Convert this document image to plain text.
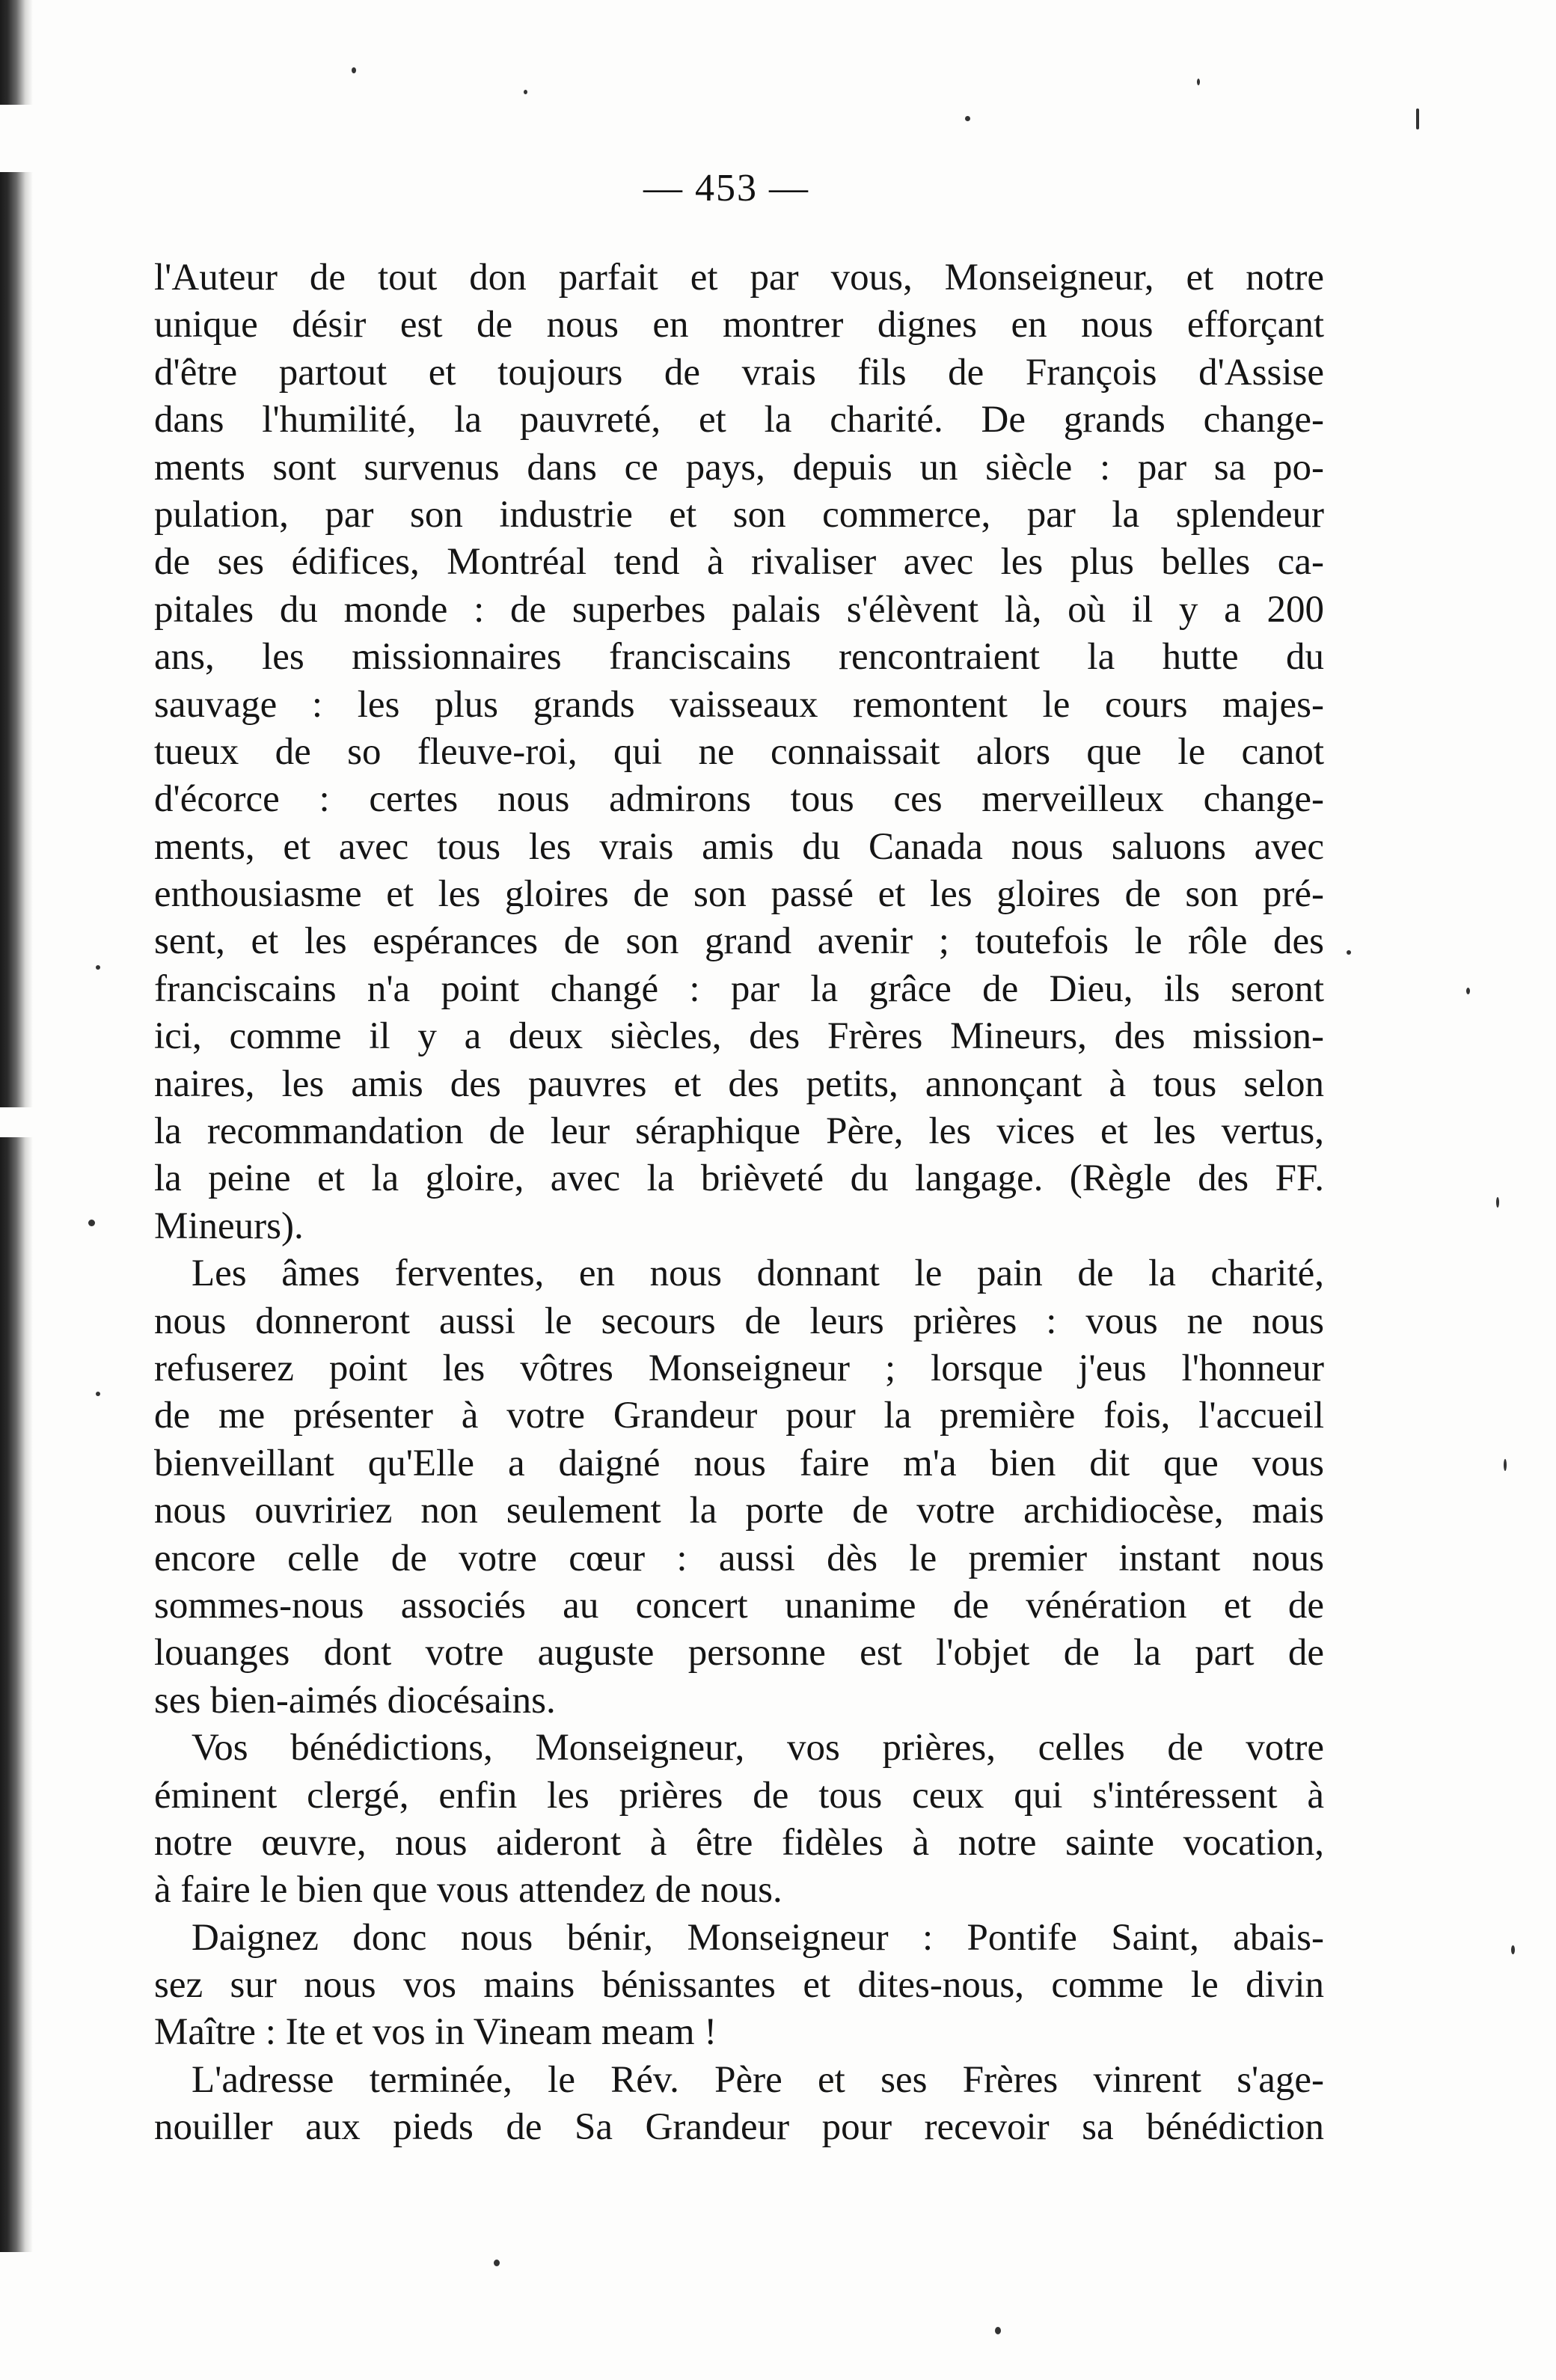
— 453 —
l'Auteur de tout don parfait et par vous, Monseigneur, et notre
unique désir est de nous en montrer dignes en nous efforçant
d'être partout et toujours de vrais fils de François d'Assise
dans l'humilité, la pauvreté, et la charité. De grands change-
ments sont survenus dans ce pays, depuis un siècle : par sa po-
pulation, par son industrie et son commerce, par la splendeur
de ses édifices, Montréal tend à rivaliser avec les plus belles ca-
pitales du monde : de superbes palais s'élèvent là, où il y a 200
ans, les missionnaires franciscains rencontraient la hutte du
sauvage : les plus grands vaisseaux remontent le cours majes-
tueux de so fleuve-roi, qui ne connaissait alors que le canot
d'écorce : certes nous admirons tous ces merveilleux change-
ments, et avec tous les vrais amis du Canada nous saluons avec
enthousiasme et les gloires de son passé et les gloires de son pré-
sent, et les espérances de son grand avenir ; toutefois le rôle des
franciscains n'a point changé : par la grâce de Dieu, ils seront
ici, comme il y a deux siècles, des Frères Mineurs, des mission-
naires, les amis des pauvres et des petits, annonçant à tous selon
la recommandation de leur séraphique Père, les vices et les vertus,
la peine et la gloire, avec la brièveté du langage. (Règle des FF.
Mineurs).
Les âmes ferventes, en nous donnant le pain de la charité,
nous donneront aussi le secours de leurs prières : vous ne nous
refuserez point les vôtres Monseigneur ; lorsque j'eus l'honneur
de me présenter à votre Grandeur pour la première fois, l'accueil
bienveillant qu'Elle a daigné nous faire m'a bien dit que vous
nous ouvririez non seulement la porte de votre archidiocèse, mais
encore celle de votre cœur : aussi dès le premier instant nous
sommes-nous associés au concert unanime de vénération et de
louanges dont votre auguste personne est l'objet de la part de
ses bien-aimés diocésains.
Vos bénédictions, Monseigneur, vos prières, celles de votre
éminent clergé, enfin les prières de tous ceux qui s'intéressent à
notre œuvre, nous aideront à être fidèles à notre sainte vocation,
à faire le bien que vous attendez de nous.
Daignez donc nous bénir, Monseigneur : Pontife Saint, abais-
sez sur nous vos mains bénissantes et dites-nous, comme le divin
Maître : Ite et vos in Vineam meam !
L'adresse terminée, le Rév. Père et ses Frères vinrent s'age-
nouiller aux pieds de Sa Grandeur pour recevoir sa bénédiction
